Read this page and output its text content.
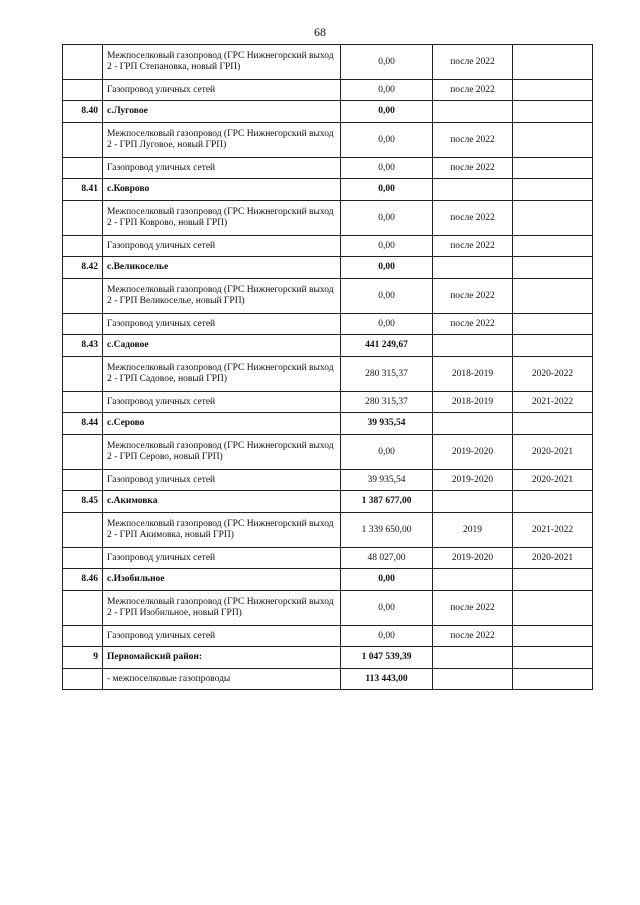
68
	Межпоселковый газопровод (ГРС Нижнегорский выход 2 - ГРП Степановка, новый ГРП)	0,00	после 2022	
	Газопровод уличных сетей	0,00	после 2022	
8.40	с.Луговое	0,00		
	Межпоселковый газопровод (ГРС Нижнегорский выход 2 - ГРП Луговое, новый ГРП)	0,00	после 2022	
	Газопровод уличных сетей	0,00	после 2022	
8.41	с.Коврово	0,00		
	Межпоселковый газопровод (ГРС Нижнегорский выход 2 - ГРП Коврово, новый ГРП)	0,00	после 2022	
	Газопровод уличных сетей	0,00	после 2022	
8.42	с.Великоселье	0,00		
	Межпоселковый газопровод (ГРС Нижнегорский выход 2 - ГРП Великоселье, новый ГРП)	0,00	после 2022	
	Газопровод уличных сетей	0,00	после 2022	
8.43	с.Садовое	441 249,67		
	Межпоселковый газопровод (ГРС Нижнегорский выход 2 - ГРП Садовое, новый ГРП)	280 315,37	2018-2019	2020-2022
	Газопровод уличных сетей	280 315,37	2018-2019	2021-2022
8.44	с.Серово	39 935,54		
	Межпоселковый газопровод (ГРС Нижнегорский выход 2 - ГРП Серово, новый ГРП)	0,00	2019-2020	2020-2021
	Газопровод уличных сетей	39 935,54	2019-2020	2020-2021
8.45	с.Акимовка	1 387 677,00		
	Межпоселковый газопровод (ГРС Нижнегорский выход 2 - ГРП Акимовка, новый ГРП)	1 339 650,00	2019	2021-2022
	Газопровод уличных сетей	48 027,00	2019-2020	2020-2021
8.46	с.Изобильное	0,00		
	Межпоселковый газопровод (ГРС Нижнегорский выход 2 - ГРП Изобильное, новый ГРП)	0,00	после 2022	
	Газопровод уличных сетей	0,00	после 2022	
9	Первомайский район:	1 047 539,39		
	- межпоселковые газопроводы	113 443,00		
